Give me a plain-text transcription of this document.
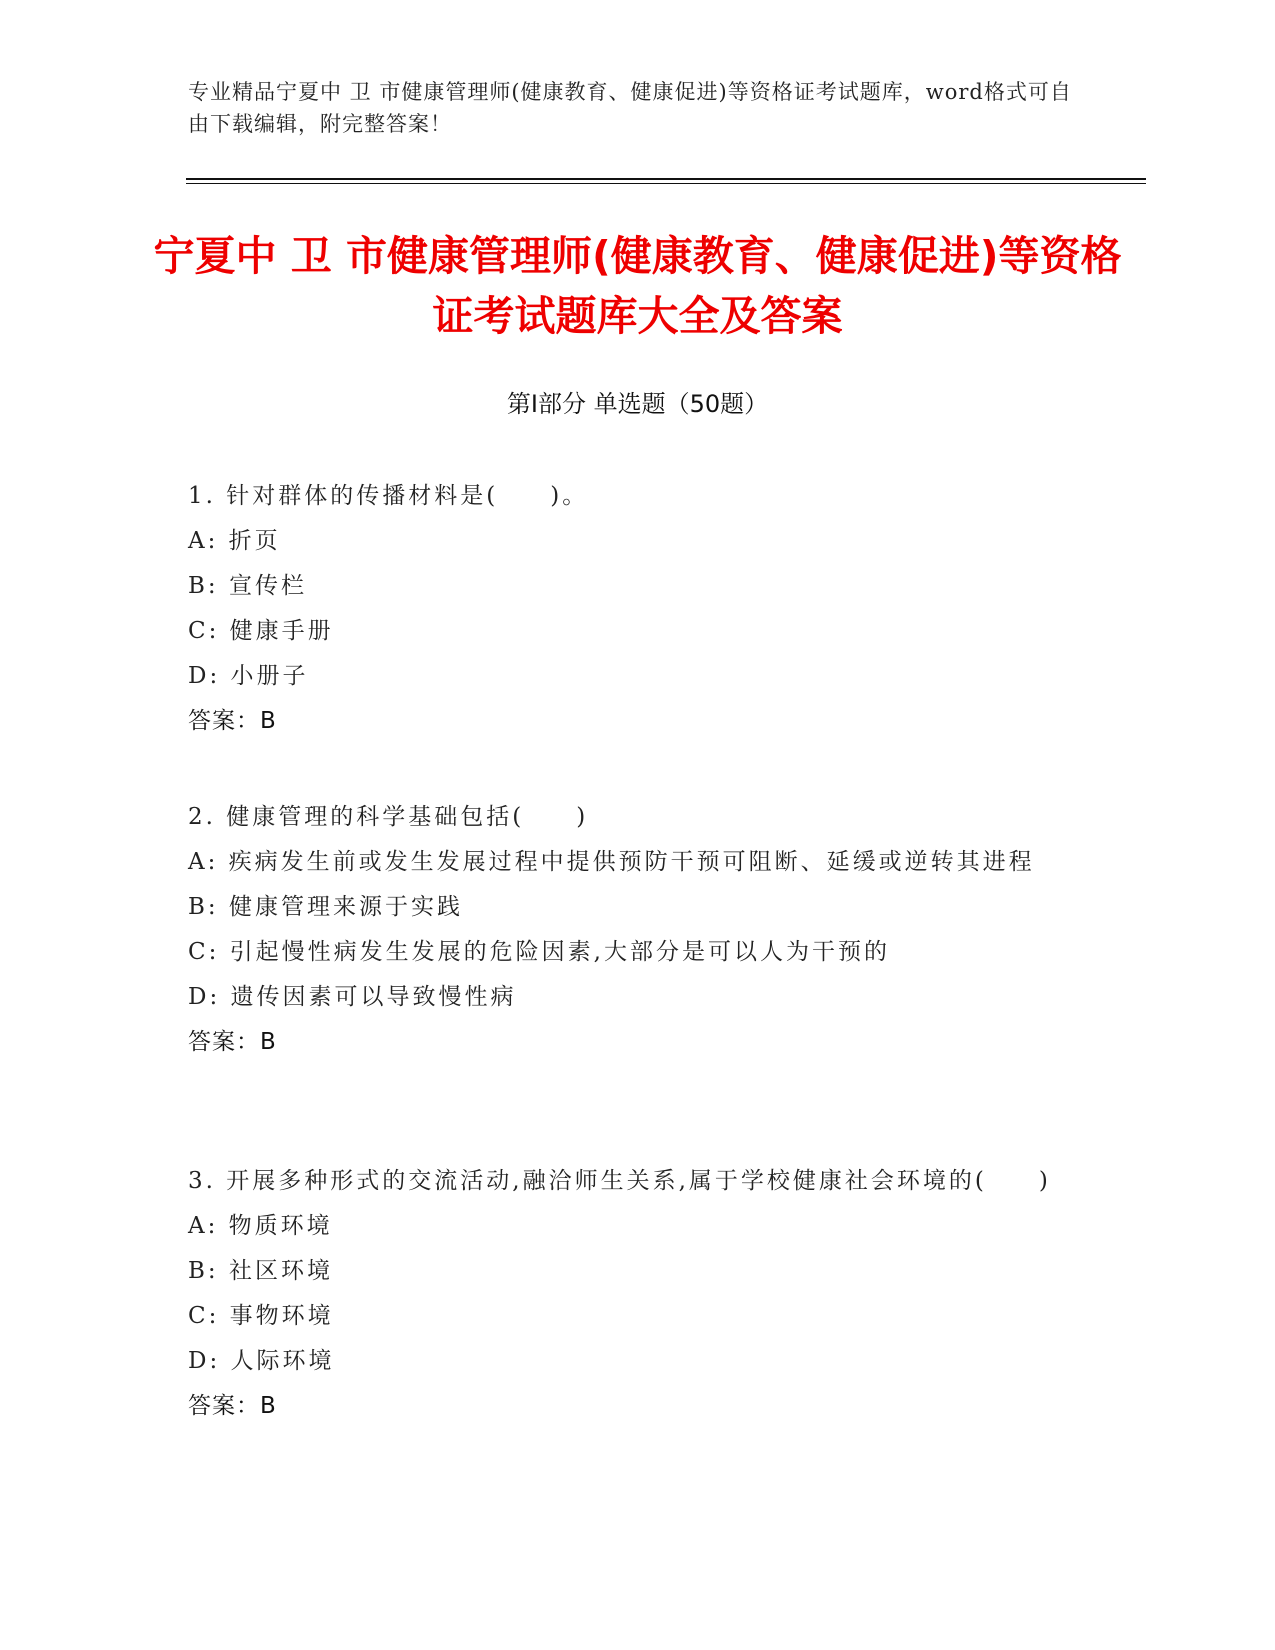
专业精品宁夏中 卫 市健康管理师(健康教育、健康促进)等资格证考试题库，word格式可自由下载编辑，附完整答案！
宁夏中 卫 市健康管理师(健康教育、健康促进)等资格证考试题库大全及答案
第Ⅰ部分 单选题（50题）

1. 针对群体的传播材料是(　　)。

A: 折页

B: 宣传栏

C: 健康手册

D: 小册子

答案：B

2. 健康管理的科学基础包括(　　)

A: 疾病发生前或发生发展过程中提供预防干预可阻断、延缓或逆转其进程

B: 健康管理来源于实践

C: 引起慢性病发生发展的危险因素,大部分是可以人为干预的

D: 遗传因素可以导致慢性病

答案：B

3. 开展多种形式的交流活动,融洽师生关系,属于学校健康社会环境的(　　)

A: 物质环境

B: 社区环境

C: 事物环境

D: 人际环境

答案：B
